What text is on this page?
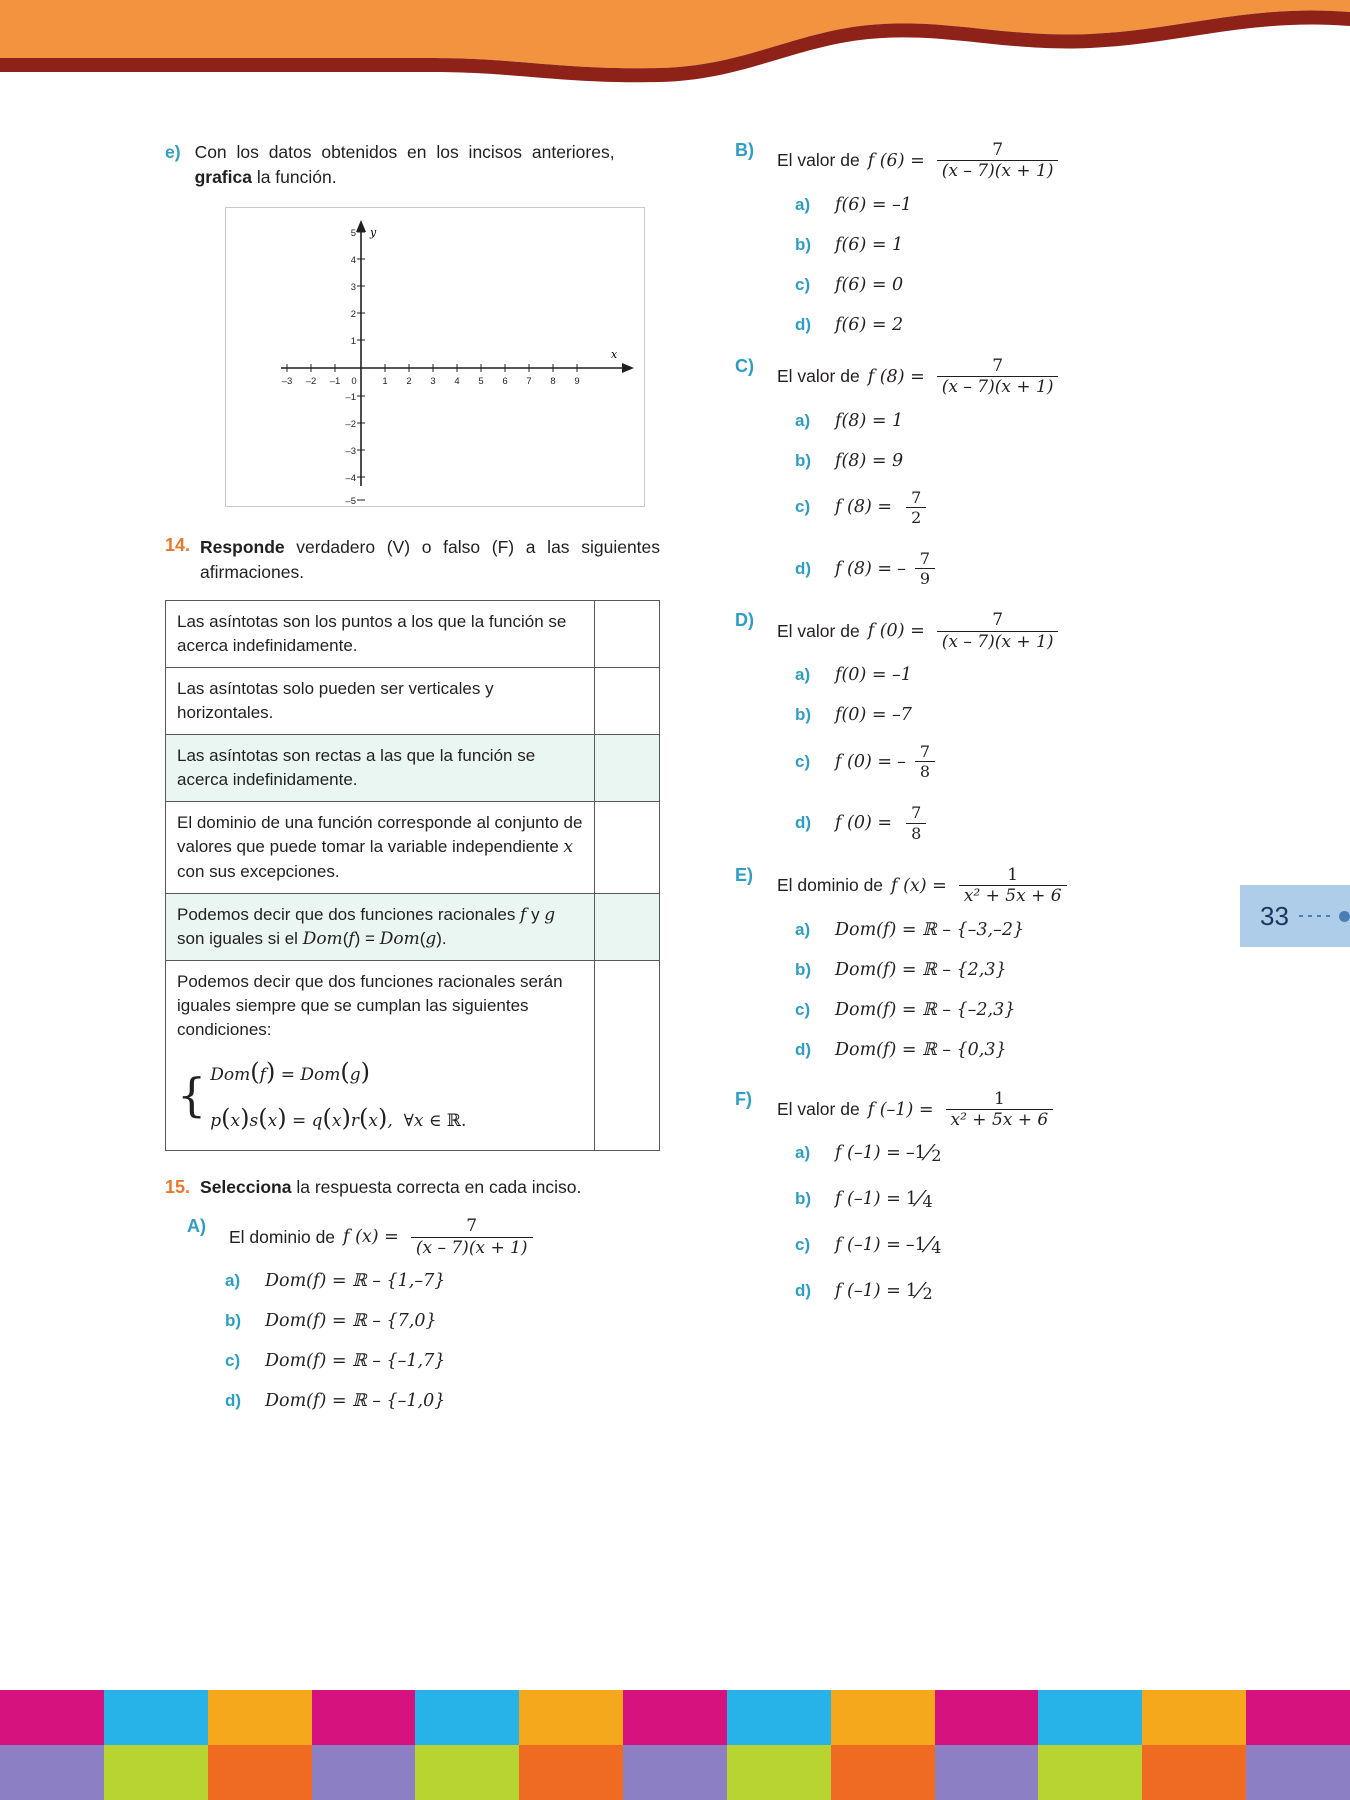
33
e) Con los datos obtenidos en los incisos anteriores, grafica la función.
y
x
5
4
3
2
1
–1
–2
–3
–4
–5
–3 –2 –1 0	1 2 3 4 5 6 7 8 9
14. Responde verdadero (V) o falso (F) a las siguientes afirmaciones.
Las asíntotas son los puntos a los que la función se acerca indefinidamente.	
Las asíntotas solo pueden ser verticales y horizontales.	
Las asíntotas son rectas a las que la función se acerca indefinidamente.	
El dominio de una función corresponde al conjunto de valores que puede tomar la variable independiente x con sus excepciones.	
Podemos decir que dos funciones racionales f y g son iguales si el Dom(f) = Dom(g).	
Podemos decir que dos funciones racionales serán iguales siempre que se cumplan las siguientes condiciones:
{ Dom(f) = Dom(g)
p(x)s(x) = q(x)r(x),  ∀x ∈ ℝ.	

15. Selecciona la respuesta correcta en cada inciso.
A)
El dominio de f $(x) = \frac{7}{(x - 7)(x + 1)}$
a) Dom(f) = ℝ – {1,–7}
b) Dom(f) = ℝ – {7,0}
c) Dom(f) = ℝ – {–1,7}
d) Dom(f) = ℝ – {–1,0}
B)
El valor de f $(6) = \frac{7}{(x - 7)(x + 1)}$
a) f(6) = –1
b) f(6) = 1
c) f(6) = 0
d) f(6) = 2
C)
El valor de f $(8) = \frac{7}{(x - 7)(x + 1)}$
a) f(8) = 1
b) f(8) = 9
c) f $(8) = \frac{7}{2}$
d) f (8) = – $\frac{7}{9}$
D)
El valor de f $(0) = \frac{7}{(x - 7)(x + 1)}$
a) f(0) = –1
b) f(0) = –7
c) f (0) = – $\frac{7}{8}$
d) f $(0) = \frac{7}{8}$
E)
El dominio de f $(x) = \frac{1}{\text{x² + 5x + 6}}$
a) Dom(f) = ℝ – {–3,–2}
b) Dom(f) = ℝ – {2,3}
c) Dom(f) = ℝ – {–2,3}
d) Dom(f) = ℝ – {0,3}
F)
El valor de f $(-1) = \frac{1}{\text{x² + 5x + 6}}$
a) f (–1) = –1 ⁄ 2
b) f (–1) = 1 ⁄ 4
c) f (–1) = –1 ⁄ 4
d) f (–1) = 1 ⁄ 2
